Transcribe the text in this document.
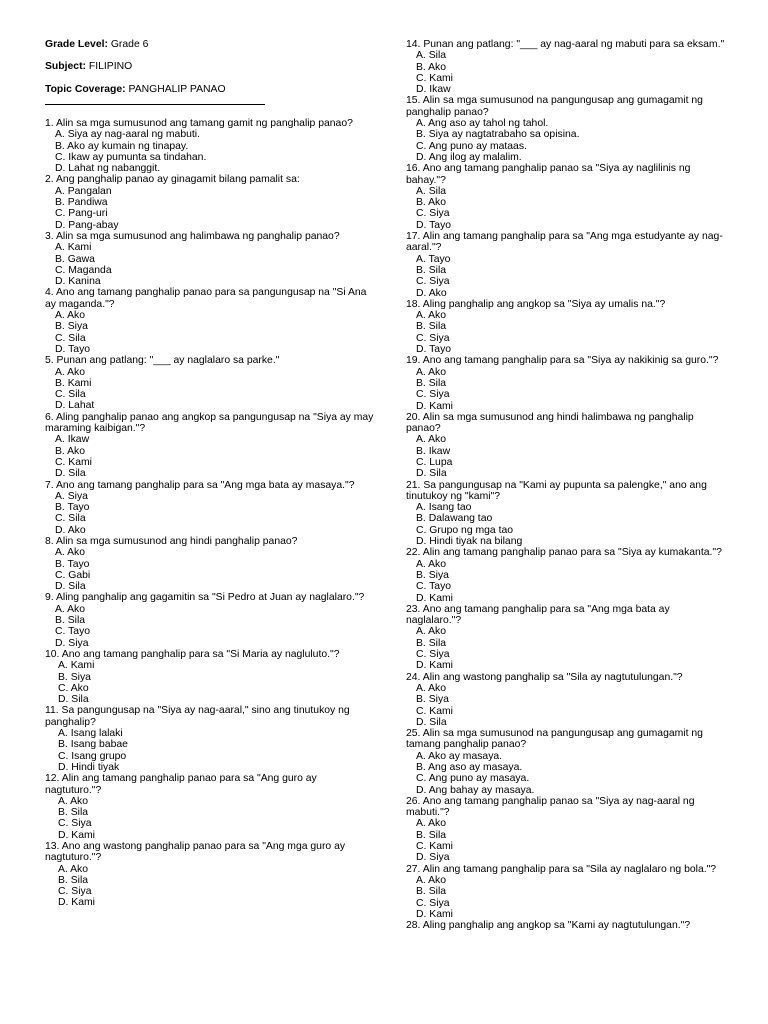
Grade Level: Grade 6
Subject: FILIPINO
Topic Coverage: PANGHALIP PANAO
1. Alin sa mga sumusunod ang tamang gamit ng panghalip panao?
A. Siya ay nag-aaral ng mabuti.
B. Ako ay kumain ng tinapay.
C. Ikaw ay pumunta sa tindahan.
D. Lahat ng nabanggit.
2. Ang panghalip panao ay ginagamit bilang pamalit sa:
A. Pangalan
B. Pandiwa
C. Pang-uri
D. Pang-abay
3. Alin sa mga sumusunod ang halimbawa ng panghalip panao?
A. Kami
B. Gawa
C. Maganda
D. Kanina
4. Ano ang tamang panghalip panao para sa pangungusap na "Si Ana ay maganda."?
A. Ako
B. Siya
C. Sila
D. Tayo
5. Punan ang patlang: "___ ay naglalaro sa parke."
A. Ako
B. Kami
C. Sila
D. Lahat
6. Aling panghalip panao ang angkop sa pangungusap na "Siya ay may maraming kaibigan."?
A. Ikaw
B. Ako
C. Kami
D. Sila
7. Ano ang tamang panghalip para sa "Ang mga bata ay masaya."?
A. Siya
B. Tayo
C. Sila
D. Ako
8. Alin sa mga sumusunod ang hindi panghalip panao?
A. Ako
B. Tayo
C. Gabi
D. Sila
9. Aling panghalip ang gagamitin sa "Si Pedro at Juan ay naglalaro."?
A. Ako
B. Sila
C. Tayo
D. Siya
10. Ano ang tamang panghalip para sa "Si Maria ay nagluluto."?
A. Kami
B. Siya
C. Ako
D. Sila
11. Sa pangungusap na "Siya ay nag-aaral," sino ang tinutukoy ng panghalip?
A. Isang lalaki
B. Isang babae
C. Isang grupo
D. Hindi tiyak
12. Alin ang tamang panghalip panao para sa "Ang guro ay nagtuturo."?
A. Ako
B. Sila
C. Siya
D. Kami
13. Ano ang wastong panghalip panao para sa "Ang mga guro ay nagtuturo."?
A. Ako
B. Sila
C. Siya
D. Kami
14. Punan ang patlang: "___ ay nag-aaral ng mabuti para sa eksam."
A. Sila
B. Ako
C. Kami
D. Ikaw
15. Alin sa mga sumusunod na pangungusap ang gumagamit ng panghalip panao?
A. Ang aso ay tahol ng tahol.
B. Siya ay nagtatrabaho sa opisina.
C. Ang puno ay mataas.
D. Ang ilog ay malalim.
16. Ano ang tamang panghalip panao sa "Siya ay naglilinis ng bahay."?
A. Sila
B. Ako
C. Siya
D. Tayo
17. Alin ang tamang panghalip para sa "Ang mga estudyante ay nag-aaral."?
A. Tayo
B. Sila
C. Siya
D. Ako
18. Aling panghalip ang angkop sa "Siya ay umalis na."?
A. Ako
B. Sila
C. Siya
D. Tayo
19. Ano ang tamang panghalip para sa "Siya ay nakikinig sa guro."?
A. Ako
B. Sila
C. Siya
D. Kami
20. Alin sa mga sumusunod ang hindi halimbawa ng panghalip panao?
A. Ako
B. Ikaw
C. Lupa
D. Sila
21. Sa pangungusap na "Kami ay pupunta sa palengke," ano ang tinutukoy ng "kami"?
A. Isang tao
B. Dalawang tao
C. Grupo ng mga tao
D. Hindi tiyak na bilang
22. Alin ang tamang panghalip panao para sa "Siya ay kumakanta."?
A. Ako
B. Siya
C. Tayo
D. Kami
23. Ano ang tamang panghalip para sa "Ang mga bata ay naglalaro."?
A. Ako
B. Sila
C. Siya
D. Kami
24. Alin ang wastong panghalip sa "Sila ay nagtutulungan."?
A. Ako
B. Siya
C. Kami
D. Sila
25. Alin sa mga sumusunod na pangungusap ang gumagamit ng tamang panghalip panao?
A. Ako ay masaya.
B. Ang aso ay masaya.
C. Ang puno ay masaya.
D. Ang bahay ay masaya.
26. Ano ang tamang panghalip panao sa "Siya ay nag-aaral ng mabuti."?
A. Ako
B. Sila
C. Kami
D. Siya
27. Alin ang tamang panghalip para sa "Sila ay naglalaro ng bola."?
A. Ako
B. Sila
C. Siya
D. Kami
28. Aling panghalip ang angkop sa "Kami ay nagtutulungan."?
